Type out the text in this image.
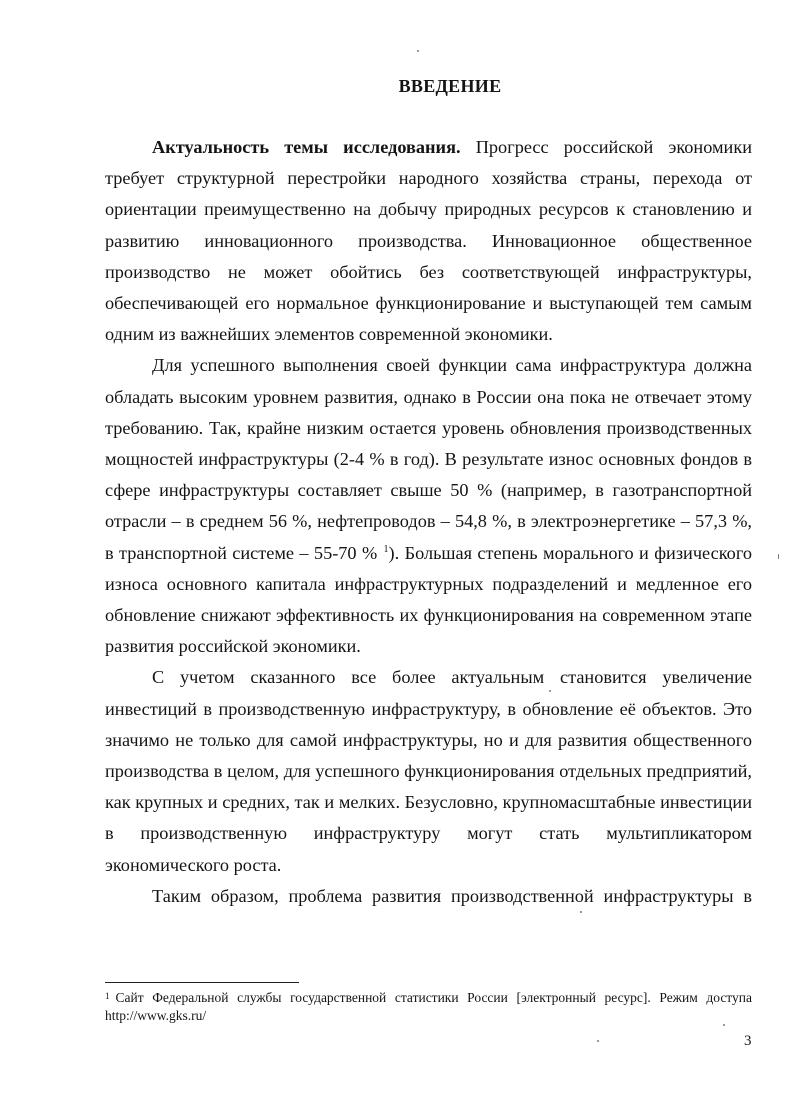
ВВЕДЕНИЕ

Актуальность темы исследования. Прогресс российской экономики требует структурной перестройки народного хозяйства страны, перехода от ориентации преимущественно на добычу природных ресурсов к становлению и развитию инновационного производства. Инновационное общественное производство не может обойтись без соответствующей инфраструктуры, обеспечивающей его нормальное функционирование и выступающей тем самым одним из важнейших элементов современной экономики.

Для успешного выполнения своей функции сама инфраструктура должна обладать высоким уровнем развития, однако в России она пока не отвечает этому требованию. Так, крайне низким остается уровень обновления производственных мощностей инфраструктуры (2-4 % в год). В результате износ основных фондов в сфере инфраструктуры составляет свыше 50 % (например, в газотранспортной отрасли – в среднем 56 %, нефтепроводов – 54,8 %, в электроэнергетике – 57,3 %, в транспортной системе – 55-70 % $^1$). Большая степень морального и физического износа основного капитала инфраструктурных подразделений и медленное его обновление снижают эффективность их функционирования на современном этапе развития российской экономики.

С учетом сказанного все более актуальным становится увеличение инвестиций в производственную инфраструктуру, в обновление её объектов. Это значимо не только для самой инфраструктуры, но и для развития общественного производства в целом, для успешного функционирования отдельных предприятий, как крупных и средних, так и мелких. Безусловно, крупномасштабные инвестиции в производственную инфраструктуру могут стать мультипликатором экономического роста.

Таким образом, проблема развития производственной инфраструктуры в

$^1$ Сайт Федеральной службы государственной статистики России [электронный ресурс]. Режим доступа http://www.gks.ru/
3
